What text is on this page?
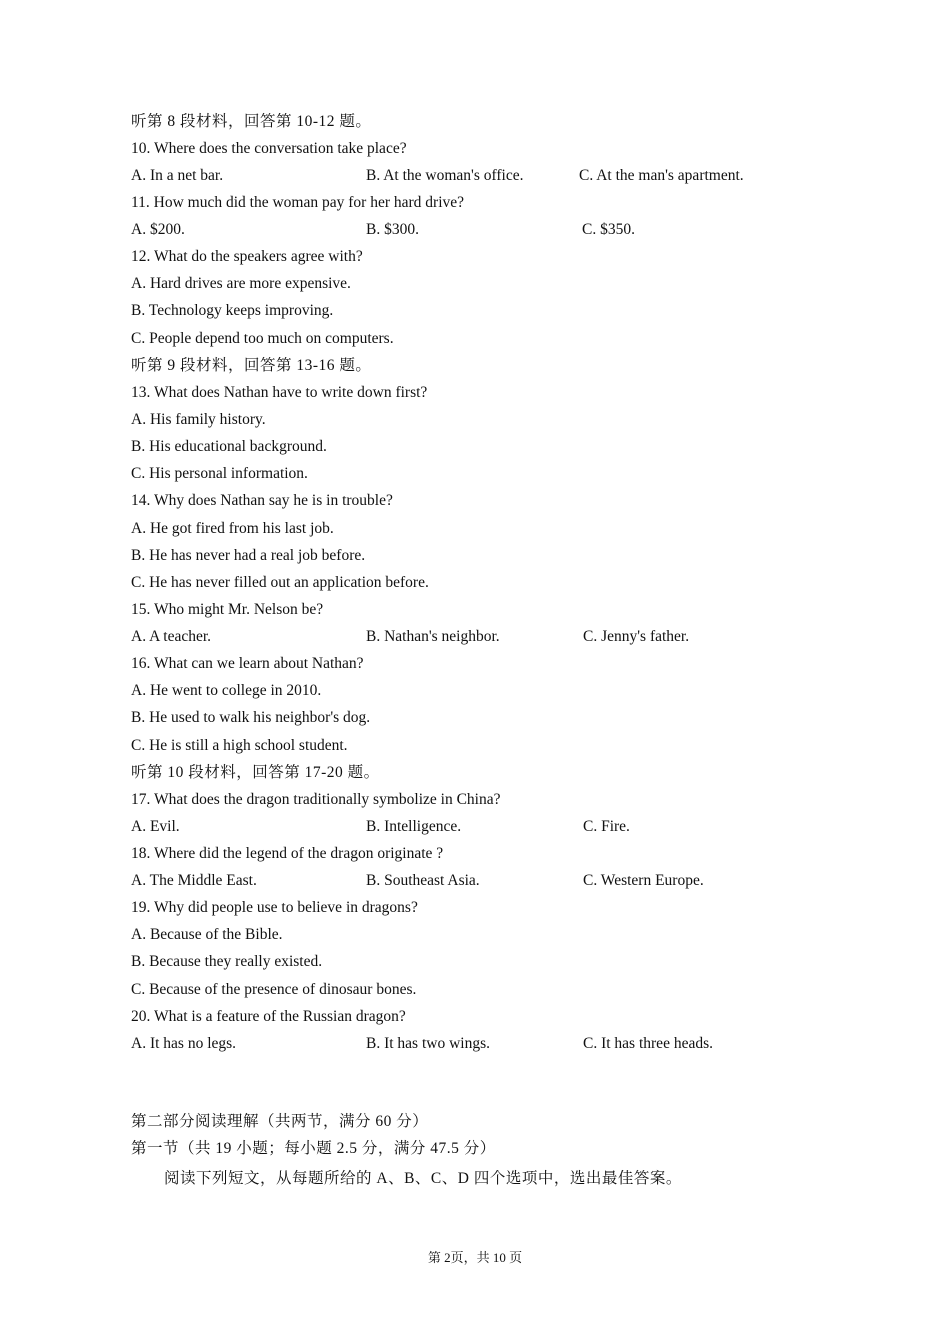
听第 8 段材料，回答第 10-12 题。
10. Where does the conversation take place?
A. In a net bar.	B. At the woman's office.	C. At the man's apartment.
11. How much did the woman pay for her hard drive?
A. $200.	B. $300.	C. $350.
12. What do the speakers agree with?
A. Hard drives are more expensive.
B. Technology keeps improving.
C. People depend too much on computers.
听第 9 段材料，回答第 13-16 题。
13. What does Nathan have to write down first?
A. His family history.
B. His educational background.
C. His personal information.
14. Why does Nathan say he is in trouble?
A. He got fired from his last job.
B. He has never had a real job before.
C. He has never filled out an application before.
15. Who might Mr. Nelson be?
A. A teacher.	B. Nathan's neighbor.	C. Jenny's father.
16. What can we learn about Nathan?
A. He went to college in 2010.
B. He used to walk his neighbor's dog.
C. He is still a high school student.
听第 10 段材料，回答第 17-20 题。
17. What does the dragon traditionally symbolize in China?
A. Evil.	B. Intelligence.	C. Fire.
18. Where did the legend of the dragon originate ?
A. The Middle East.	B. Southeast Asia.	C. Western Europe.
19. Why did people use to believe in dragons?
A. Because of the Bible.
B. Because they really existed.
C. Because of the presence of dinosaur bones.
20. What is a feature of the Russian dragon?
A. It has no legs.	B. It has two wings.	C. It has three heads.
第二部分阅读理解（共两节，满分 60 分）
第一节（共 19 小题；每小题 2.5 分，满分 47.5 分）
阅读下列短文，从每题所给的 A、B、C、D 四个选项中，选出最佳答案。
第 2页，共 10 页
